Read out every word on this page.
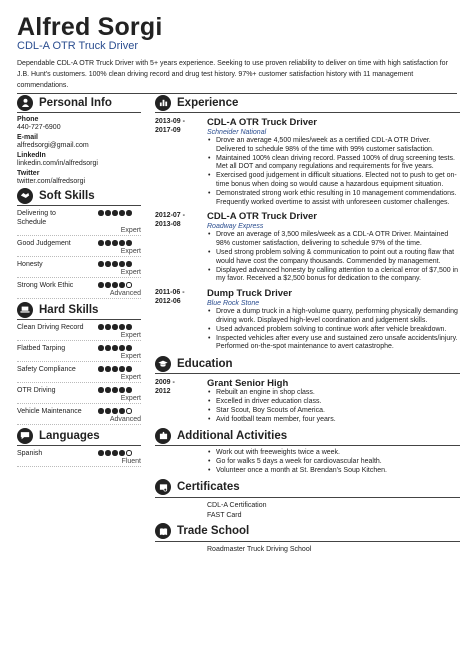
Alfred Sorgi
CDL-A OTR Truck Driver
Dependable CDL-A OTR Truck Driver with 5+ years experience. Seeking to use proven reliability to deliver on time with high satisfaction for J.B. Hunt's customers. 100% clean driving record and drug test history. 97%+ customer satisfaction history with 11 management commendations.
Personal Info
Phone
440-727-6900
E-mail
alfredsorgi@gmail.com
LinkedIn
linkedin.com/in/alfredsorgi
Twitter
twitter.com/alfredsorgi
Soft Skills
Delivering to Schedule
Expert
Good Judgement
Expert
Honesty
Expert
Strong Work Ethic
Advanced
Hard Skills
Clean Driving Record
Expert
Flatbed Tarping
Expert
Safety Compliance
Expert
OTR Driving
Expert
Vehicle Maintenance
Advanced
Languages
Spanish
Fluent
Experience
2013-09 -
2017-09
CDL-A OTR Truck Driver
Schneider National
• Drove an average 4,500 miles/week as a certified CDL-A OTR Driver. Delivered to schedule 98% of the time with 99% customer satisfaction.
• Maintained 100% clean driving record. Passed 100% of drug screening tests. Met all DOT and company regulations and requirements for five years.
• Exercised good judgement in difficult situations. Elected not to push to get on-time bonus when doing so would cause a hazardous equipment situation.
• Demonstrated strong work ethic resulting in 10 management commendations. Frequently worked overtime to assist with unforeseen customer challenges.
2012-07 -
2013-08
CDL-A OTR Truck Driver
Roadway Express
• Drove an average of 3,500 miles/week as a CDL-A OTR Driver. Maintained 98% customer satisfaction, delivering to schedule 97% of the time.
• Used strong problem solving & communication to point out a routing flaw that would have cost the company thousands. Commended by management.
• Displayed advanced honesty by calling attention to a clerical error of $7,500 in my favor. Received a $2,500 bonus for dedication to the company.
2011-06 -
2012-06
Dump Truck Driver
Blue Rock Stone
• Drove a dump truck in a high-volume quarry, performing physically demanding driving work. Displayed high-level coordination and judgement skills.
• Used advanced problem solving to continue work after vehicle breakdown.
• Inspected vehicles after every use and sustained zero unsafe accidents/injury. Performed on-the-spot maintenance to avert catastrophe.
Education
2009 -
2012
Grant Senior High
• Rebuilt an engine in shop class.
• Excelled in driver education class.
• Star Scout, Boy Scouts of America.
• Avid football team member, four years.
Additional Activities
• Work out with freeweights twice a week.
• Go for walks 5 days a week for cardiovascular health.
• Volunteer once a month at St. Brendan's Soup Kitchen.
Certificates
CDL-A Certification
FAST Card
Trade School
Roadmaster Truck Driving School
